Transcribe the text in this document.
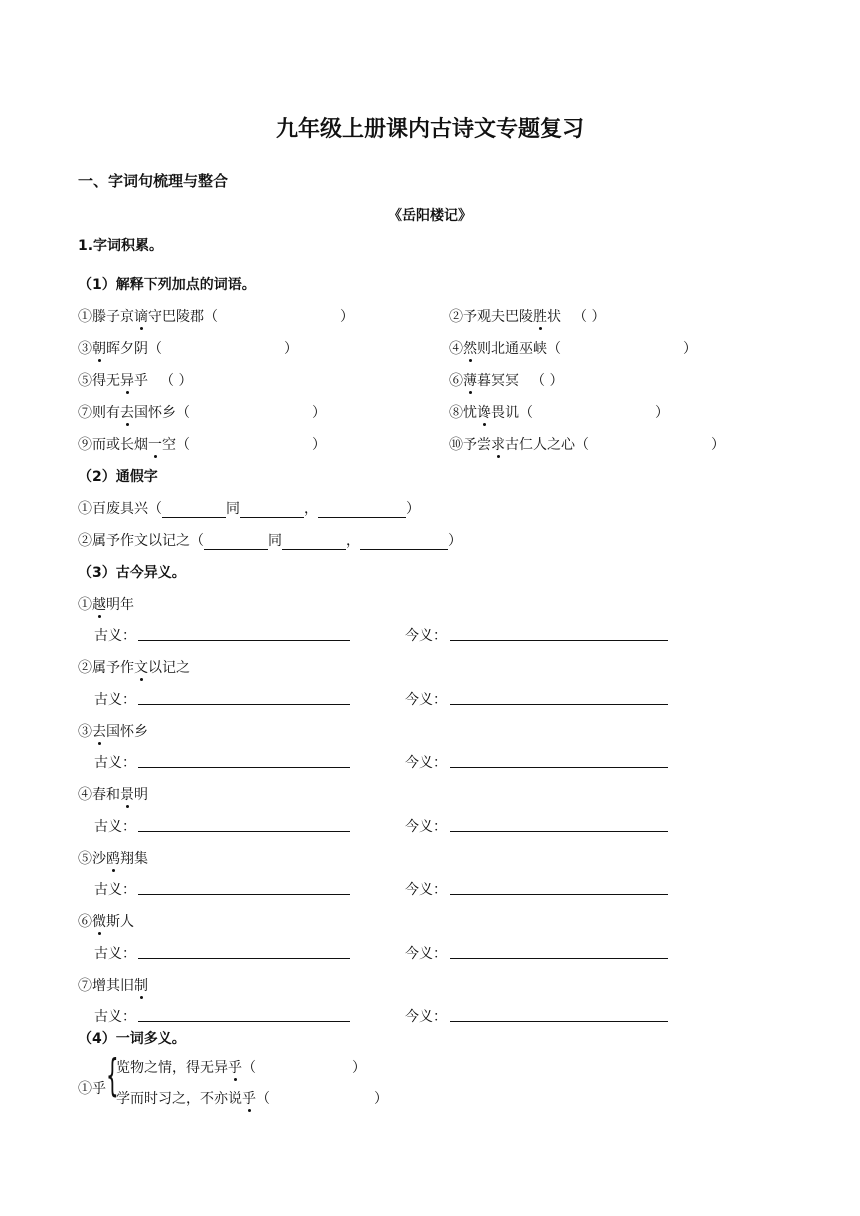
九年级上册课内古诗文专题复习
一、字词句梳理与整合
《岳阳楼记》
1.字词积累。
（1）解释下列加点的词语。
①滕子京谪守巴陵郡（	）	②予观夫巴陵胜状 （ ）
③朝晖夕阴（	）	④然则北通巫峡（	）
⑤得无异乎 （ ）	⑥薄暮冥冥 （ ）
⑦则有去国怀乡（	）	⑧忧谗畏讥（	）
⑨而或长烟一空（	）	⑩予尝求古仁人之心（	）
（2）通假字
①百废具兴（	同	，	）
②属予作文以记之（	同	，	）
（3）古今异义。
①越明年
古义：	今义：
②属予作文以记之
古义：	今义：
③去国怀乡
古义：	今义：
④春和景明
古义：	今义：
⑤沙鸥翔集
古义：	今义：
⑥微斯人
古义：	今义：
⑦增其旧制
古义：	今义：
（4）一词多义。
①乎 {
览物之情，得无异乎（	）
学而时习之，不亦说乎（	）
